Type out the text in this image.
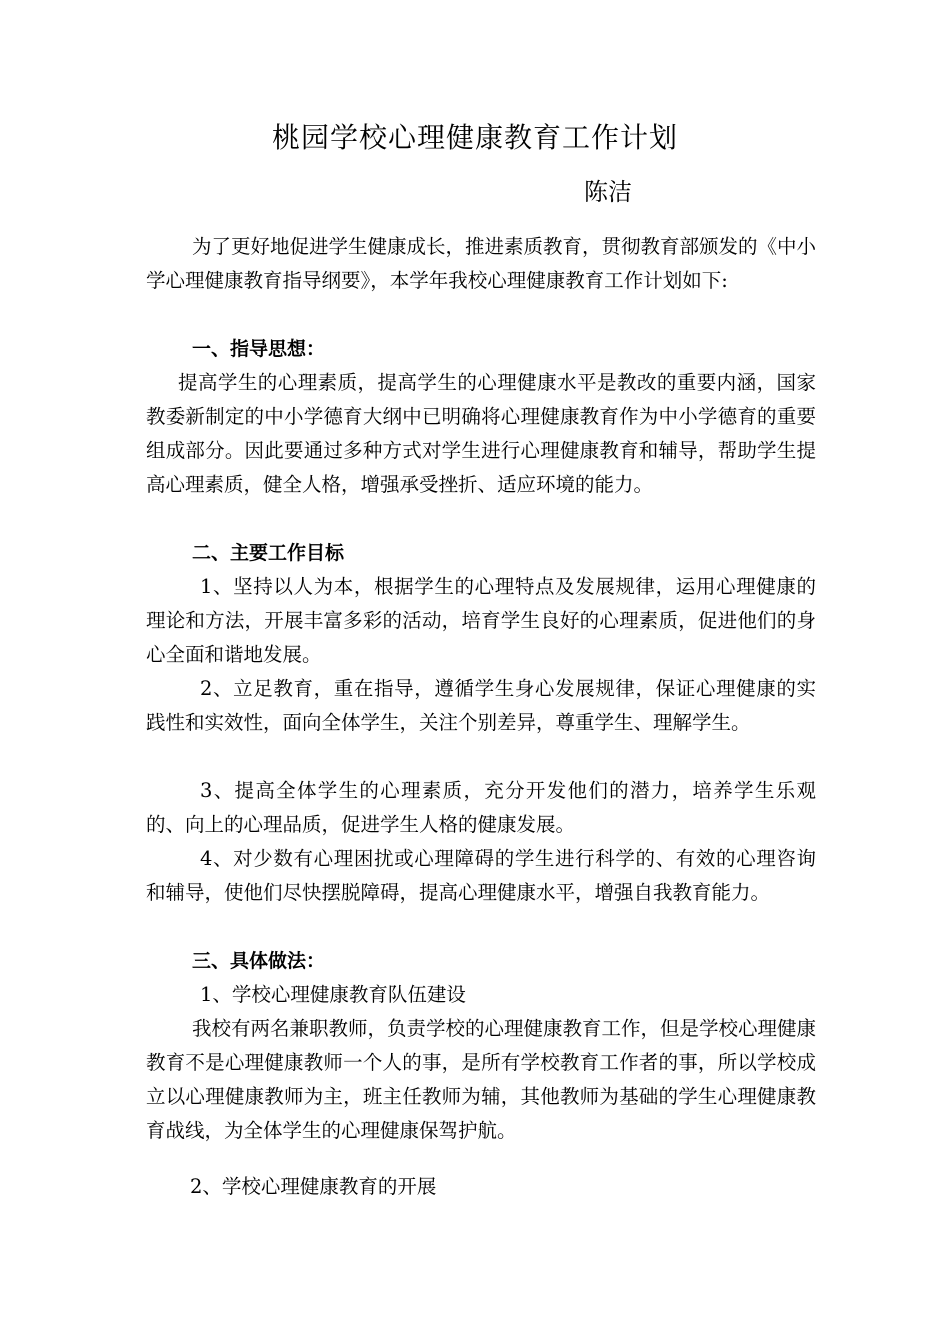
桃园学校心理健康教育工作计划
陈洁

为了更好地促进学生健康成长，推进素质教育，贯彻教育部颁发的《中小学心理健康教育指导纲要》，本学年我校心理健康教育工作计划如下:

一、指导思想：

提高学生的心理素质，提高学生的心理健康水平是教改的重要内涵，国家教委新制定的中小学德育大纲中已明确将心理健康教育作为中小学德育的重要组成部分。因此要通过多种方式对学生进行心理健康教育和辅导，帮助学生提高心理素质，健全人格，增强承受挫折、适应环境的能力。

二、主要工作目标

1、坚持以人为本，根据学生的心理特点及发展规律，运用心理健康的理论和方法，开展丰富多彩的活动，培育学生良好的心理素质，促进他们的身心全面和谐地发展。

2、立足教育，重在指导，遵循学生身心发展规律，保证心理健康的实践性和实效性，面向全体学生，关注个别差异，尊重学生、理解学生。

3、提高全体学生的心理素质，充分开发他们的潜力，培养学生乐观的、向上的心理品质，促进学生人格的健康发展。

4、对少数有心理困扰或心理障碍的学生进行科学的、有效的心理咨询和辅导，使他们尽快摆脱障碍，提高心理健康水平，增强自我教育能力。

三、具体做法：

1、学校心理健康教育队伍建设

我校有两名兼职教师，负责学校的心理健康教育工作，但是学校心理健康教育不是心理健康教师一个人的事，是所有学校教育工作者的事，所以学校成立以心理健康教师为主，班主任教师为辅，其他教师为基础的学生心理健康教育战线，为全体学生的心理健康保驾护航。

2、学校心理健康教育的开展
